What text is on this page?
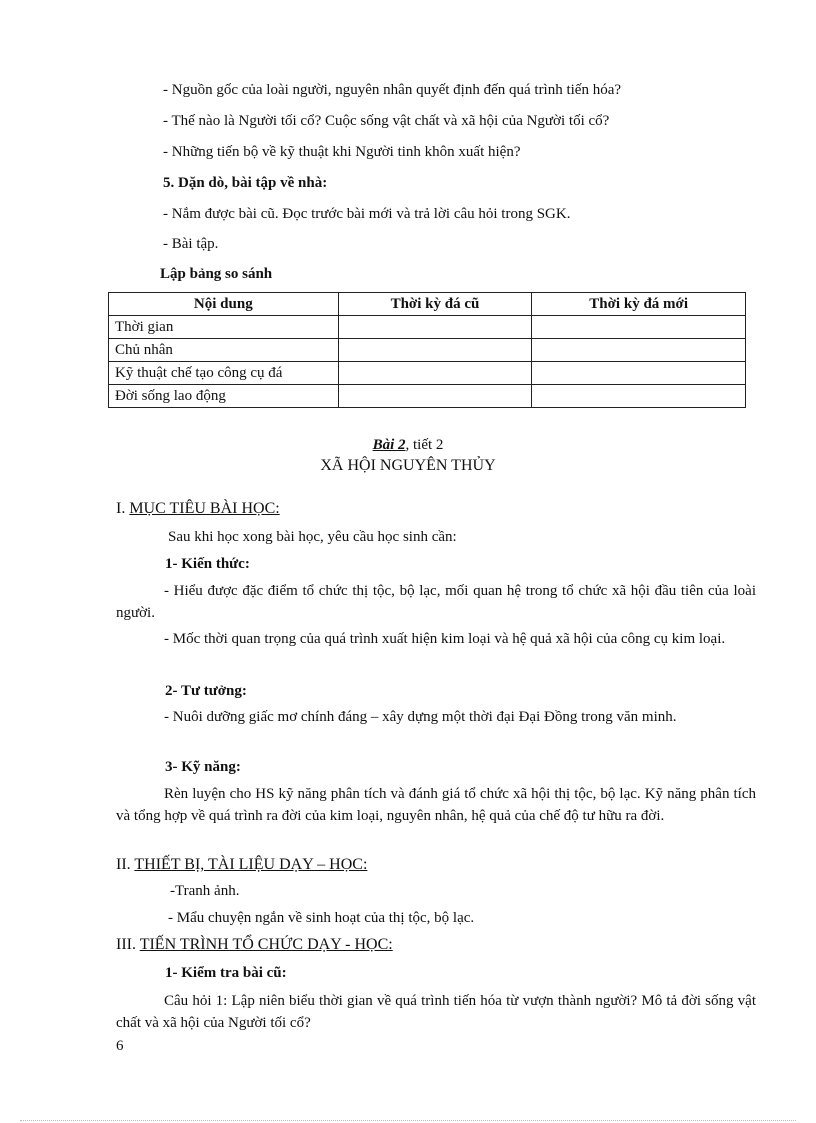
- Nguồn gốc của loài người, nguyên nhân quyết định đến quá trình tiến hóa?
- Thế nào là Người tối cổ? Cuộc sống vật chất và xã hội của Người tối cổ?
- Những tiến bộ về kỹ thuật khi Người tinh khôn xuất hiện?
5. Dặn dò, bài tập về nhà:
- Nắm được bài cũ. Đọc trước bài mới và trả lời câu hỏi trong SGK.
- Bài tập.
Lập bảng so sánh
Nội dung	Thời kỳ đá cũ	Thời kỳ đá mới
Thời gian		
Chủ nhân		
Kỹ thuật chế tạo công cụ đá		
Đời sống lao động		
Bài 2, tiết 2
XÃ HỘI NGUYÊN THỦY
I. MỤC TIÊU BÀI HỌC:
Sau khi học xong bài học, yêu cầu học sinh cần:
1- Kiến thức:
- Hiểu được đặc điểm tổ chức thị tộc, bộ lạc, mối quan hệ trong tổ chức xã hội đầu tiên của loài người.
- Mốc thời quan trọng của quá trình xuất hiện kim loại và hệ quả xã hội của công cụ kim loại.
2- Tư tưởng:
- Nuôi dưỡng giấc mơ chính đáng – xây dựng một thời đại Đại Đồng trong văn minh.
3- Kỹ năng:
Rèn luyện cho HS kỹ năng phân tích và đánh giá tổ chức xã hội thị tộc, bộ lạc. Kỹ năng phân tích và tổng hợp về quá trình ra đời của kim loại, nguyên nhân, hệ quả của chế độ tư hữu ra đời.
II. THIẾT BỊ, TÀI LIỆU DẠY – HỌC:
-Tranh ảnh.
- Mẩu chuyện ngắn về sinh hoạt của thị tộc, bộ lạc.
III. TIẾN TRÌNH TỔ CHỨC DẠY - HỌC:
1- Kiểm tra bài cũ:
Câu hỏi 1: Lập niên biểu thời gian về quá trình tiến hóa từ vượn thành người? Mô tả đời sống vật chất và xã hội của Người tối cổ?
6
